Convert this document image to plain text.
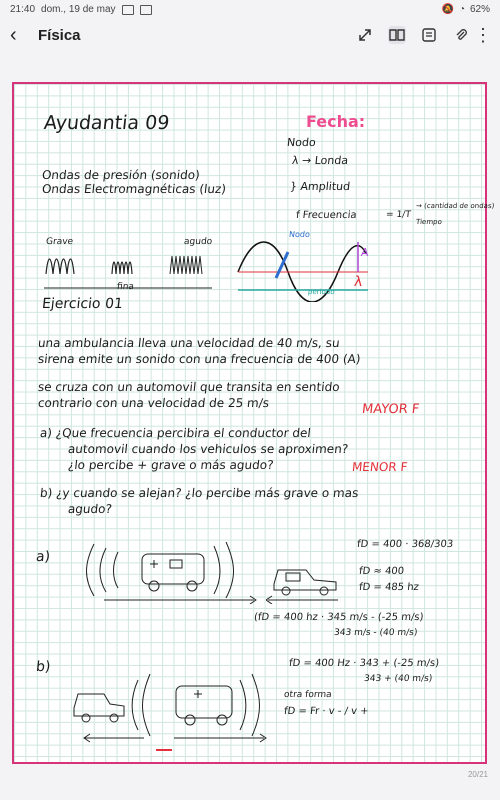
21:40 dom., 19 de may	🔕 ◔ 62%
‹ Física	⋮
Ayudantia 09	Fecha:
Ondas de presión (sonido)
Ondas Electromagnéticas (luz)
Nodo
λ → Londa
} Amplitud
f Frecuencia	= 1/T
→ (cantidad de ondas)
Tiempo
Grave	agudo
fina
Nodo
A
periodo
λ
Ejercicio 01
una ambulancia lleva una velocidad de 40 m/s, su
sirena emite un sonido con una frecuencia de 400 (A)
se cruza con un automovil que transita en sentido
contrario con una velocidad de 25 m/s	MAYOR F
a) ¿Que frecuencia percibira el conductor del
automovil cuando los vehiculos se aproximen?
¿lo percibe + grave o más agudo?	MENOR F
b) ¿y cuando se alejan? ¿lo percibe más grave o mas
agudo?
a)
fD = 400 · 368/303
fD ≈ 400
fD = 485 hz
(fD = 400 hz · 345 m/s - (-25 m/s)
343 m/s - (40 m/s)
b)	fD = 400 Hz · 343 + (-25 m/s)
343 + (40 m/s)
otra forma
fD = Fr · v - / v +
20/21
